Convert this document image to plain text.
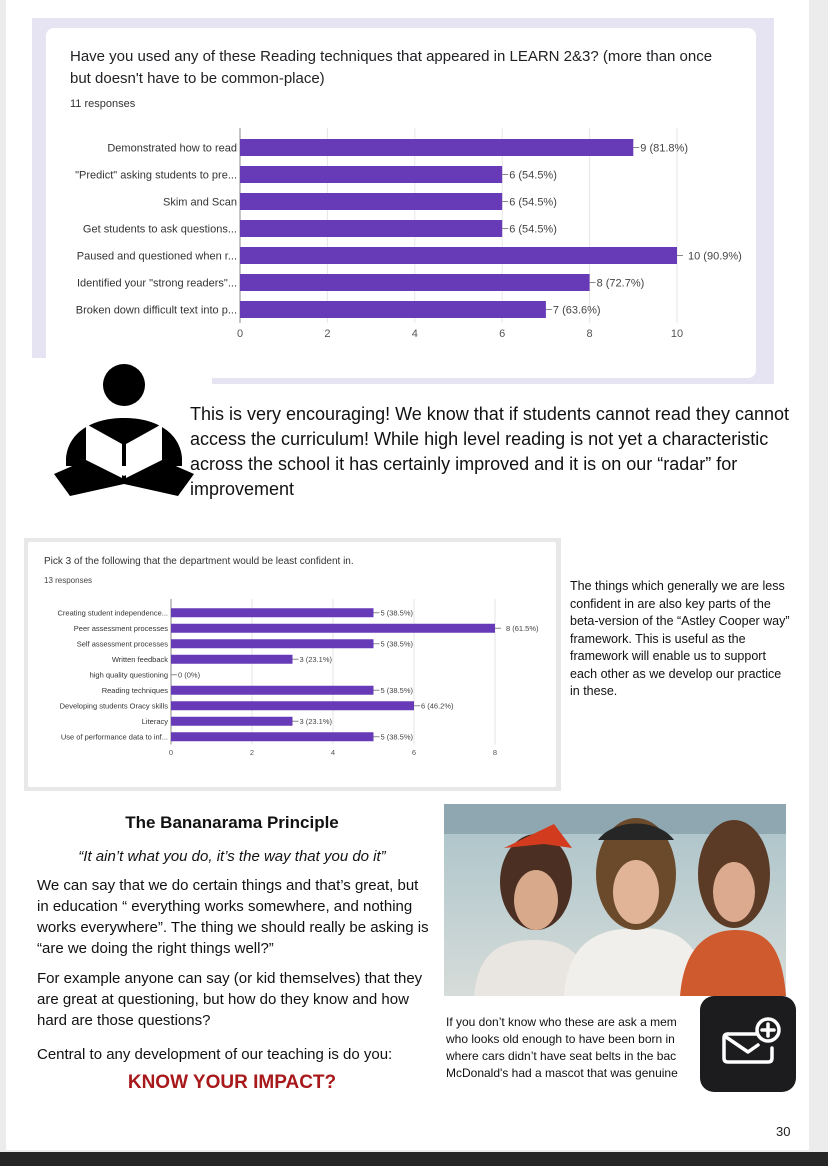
Have you used any of these Reading techniques that appeared in LEARN 2&3? (more than once but doesn't have to be common-place)
11 responses
0	2	4	6	8	10
Demonstrated how to read	9 (81.8%)
"Predict" asking students to pre...	6 (54.5%)
Skim and Scan	6 (54.5%)
Get students to ask questions...	6 (54.5%)
Paused and questioned when r...	10 (90.9%)
Identified your "strong readers"...	8 (72.7%)
Broken down difficult text into p...	7 (63.6%)
This is very encouraging! We know that if students cannot read they cannot access the curriculum! While high level reading is not yet a characteristic across the school it has certainly improved and it is on our “radar” for improvement
Pick 3 of the following that the department would be least confident in.
13 responses
0	2	4	6	8
Creating student independence...	5 (38.5%)
Peer assessment processes	8 (61.5%)
Self assessment processes	5 (38.5%)
Written feedback	3 (23.1%)
high quality questioning 0 (0%)
Reading techniques	5 (38.5%)
Developing students Oracy skills	6 (46.2%)
Literacy	3 (23.1%)
Use of performance data to inf...	5 (38.5%)
The things which generally we are less confident in are also key parts of the beta-version of the “Astley Cooper way” framework. This is useful as the framework will enable us to support each other as we develop our practice in these.
The Bananarama Principle
“It ain’t what you do, it’s the way that you do it”
We can say that we do certain things and that’s great, but in education “ everything works somewhere, and nothing works everywhere”. The thing we should really be asking is “are we doing the right things well?”
For example anyone can say (or kid themselves) that they are great at questioning, but how do they know and how hard are those questions?
Central to any development of our teaching is do you:
KNOW YOUR IMPACT?
If you don’t know who these are ask a mem
who looks old enough to have been born in
where cars didn’t have seat belts in the bac
McDonald's had a mascot that was genuine
30
